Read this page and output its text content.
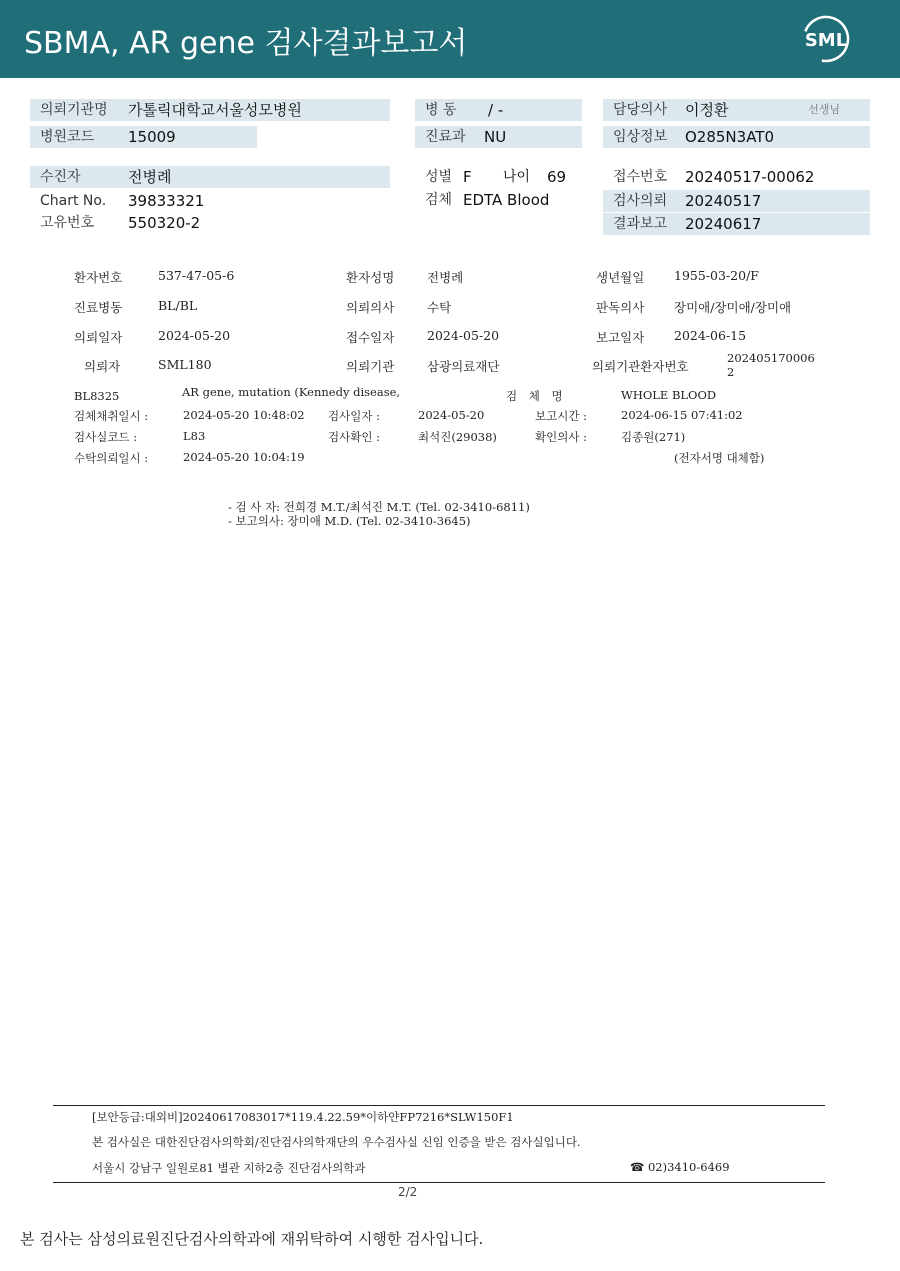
SBMA, AR gene 검사결과보고서	SML
의뢰기관명 가톨릭대학교서울성모병원	병 동 / -	담당의사 이정환	선생님
병원코드 15009	진료과 NU	임상정보 O285N3AT0
수진자	전병례	성별 F 나이 69	접수번호 20240517-00062
Chart No. 39833321	검체 EDTA Blood	검사의뢰 20240517
고유번호 550320-2	결과보고 20240617
환자번호	537-47-05-6	환자성명	전병례	생년월일 1955-03-20/F
진료병동	BL/BL	의뢰의사	수탁	판독의사 장미애/장미애/장미애
의뢰일자	2024-05-20	접수일자	2024-05-20	보고일자 2024-06-15
의뢰자	SML180	의뢰기관	삼광의료재단	의뢰기관환자번호
202405170006
2
BL8325	AR gene, mutation (Kennedy disease,	검 체 명	WHOLE BLOOD
검체채취일시 :	2024-05-20 10:48:02 검사일자 :	2024-05-20	보고시간 :	2024-06-15 07:41:02
검사실코드 :	L83	검사확인 :	최석진(29038)	확인의사 :	김종원(271)
수탁의뢰일시 :	2024-05-20 10:04:19	(전자서명 대체함)
- 검 사 자: 전희경 M.T./최석진 M.T. (Tel. 02-3410-6811)
- 보고의사: 장미애 M.D. (Tel. 02-3410-3645)
[보안등급:대외비]20240617083017*119.4.22.59*이하얀FP7216*SLW150F1
본 검사실은 대한진단검사의학회/진단검사의학재단의 우수검사실 신임 인증을 받은 검사실입니다.
서울시 강남구 일원로81 별관 지하2층 진단검사의학과	☎ 02)3410-6469
2/2
본 검사는 삼성의료원진단검사의학과에 재위탁하여 시행한 검사입니다.
